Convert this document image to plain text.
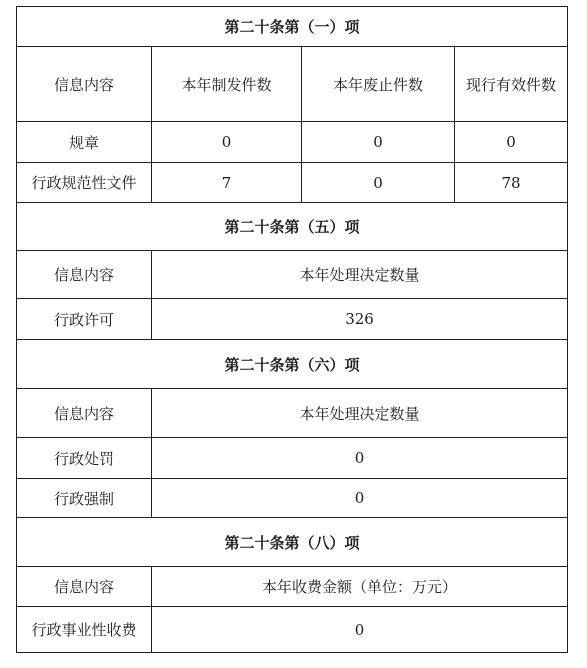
第二十条第（一）项			
信息内容	本年制发件数	本年废止件数	现行有效件数
规章	0	0	0
行政规范性文件	7	0	78
第二十条第（五）项			
信息内容	本年处理决定数量		
行政许可	326		
第二十条第（六）项			
信息内容	本年处理决定数量		
行政处罚	0		
行政强制	0		
第二十条第（八）项			
信息内容	本年收费金额（单位：万元）		
行政事业性收费	0		
